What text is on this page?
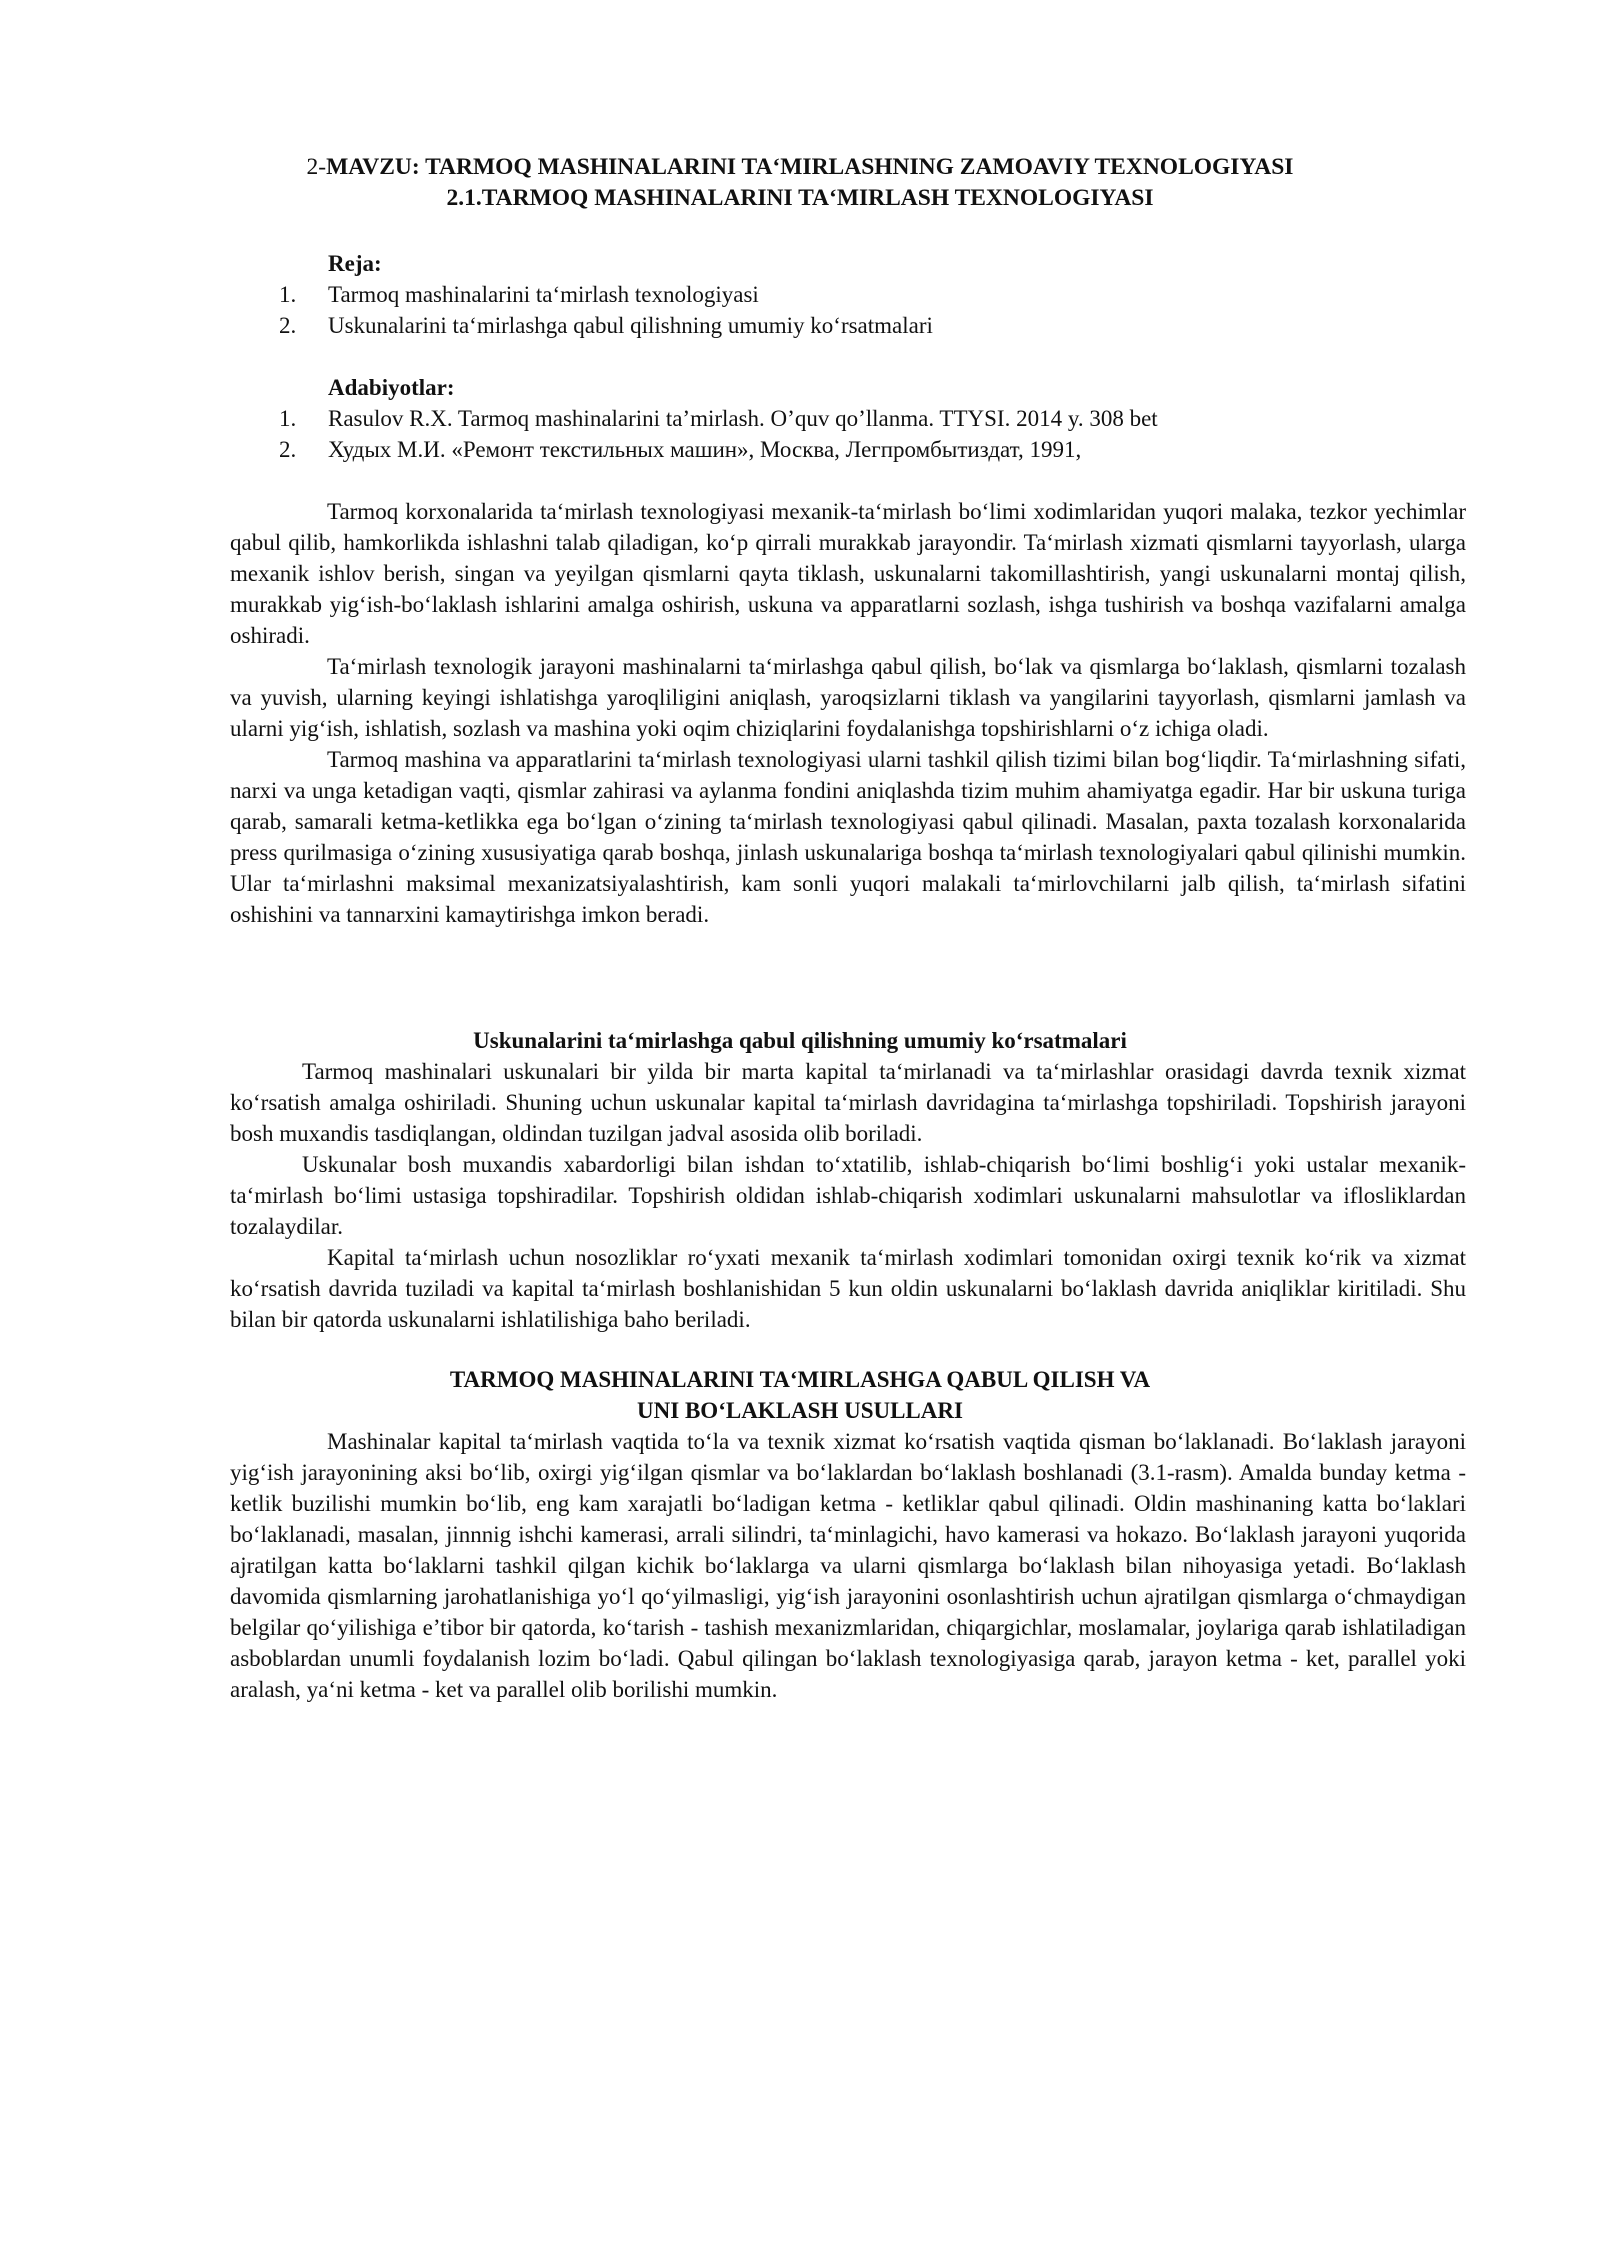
2-MAVZU: TARMOQ MASHINALARINI TA‘MIRLASHNING ZAMOAVIY TEXNOLOGIYASI
2.1.TARMOQ MASHINALARINI TA‘MIRLASH TEXNOLOGIYASI
Reja:
1. Tarmoq mashinalarini ta‘mirlash texnologiyasi
2. Uskunalarini ta‘mirlashga qabul qilishning umumiy ko‘rsatmalari
Adabiyotlar:
1. Rasulov R.X. Tarmoq mashinalarini ta’mirlash. O’quv qo’llanma. TTYSI. 2014 y. 308 bet
2. Худых М.И. «Ремонт текстильных машин», Москва, Легпромбытиздат, 1991,

Tarmoq korxonalarida ta‘mirlash texnologiyasi mexanik-ta‘mirlash bo‘limi xodimlaridan yuqori malaka, tezkor yechimlar qabul qilib, hamkorlikda ishlashni talab qiladigan, ko‘p qirrali murakkab jarayondir. Ta‘mirlash xizmati qismlarni tayyorlash, ularga mexanik ishlov berish, singan va yeyilgan qismlarni qayta tiklash, uskunalarni takomillashtirish, yangi uskunalarni montaj qilish, murakkab yig‘ish-bo‘laklash ishlarini amalga oshirish, uskuna va apparatlarni sozlash, ishga tushirish va boshqa vazifalarni amalga oshiradi.

Ta‘mirlash texnologik jarayoni mashinalarni ta‘mirlashga qabul qilish, bo‘lak va qismlarga bo‘laklash, qismlarni tozalash va yuvish, ularning keyingi ishlatishga yaroqliligini aniqlash, yaroqsizlarni tiklash va yangilarini tayyorlash, qismlarni jamlash va ularni yig‘ish, ishlatish, sozlash va mashina yoki oqim chiziqlarini foydalanishga topshirishlarni o‘z ichiga oladi.

Tarmoq mashina va apparatlarini ta‘mirlash texnologiyasi ularni tashkil qilish tizimi bilan bog‘liqdir. Ta‘mirlashning sifati, narxi va unga ketadigan vaqti, qismlar zahirasi va aylanma fondini aniqlashda tizim muhim ahamiyatga egadir. Har bir uskuna turiga qarab, samarali ketma-ketlikka ega bo‘lgan o‘zining ta‘mirlash texnologiyasi qabul qilinadi. Masalan, paxta tozalash korxonalarida press qurilmasiga o‘zining xususiyatiga qarab boshqa, jinlash uskunalariga boshqa ta‘mirlash texnologiyalari qabul qilinishi mumkin. Ular ta‘mirlashni maksimal mexanizatsiyalashtirish, kam sonli yuqori malakali ta‘mirlovchilarni jalb qilish, ta‘mirlash sifatini oshishini va tannarxini kamaytirishga imkon beradi.

Uskunalarini ta‘mirlashga qabul qilishning umumiy ko‘rsatmalari

Tarmoq mashinalari uskunalari bir yilda bir marta kapital ta‘mirlanadi va ta‘mirlashlar orasidagi davrda texnik xizmat ko‘rsatish amalga oshiriladi. Shuning uchun uskunalar kapital ta‘mirlash davridagina ta‘mirlashga topshiriladi. Topshirish jarayoni bosh muxandis tasdiqlangan, oldindan tuzilgan jadval asosida olib boriladi.

Uskunalar bosh muxandis xabardorligi bilan ishdan to‘xtatilib, ishlab-chiqarish bo‘limi boshlig‘i yoki ustalar mexanik-ta‘mirlash bo‘limi ustasiga topshiradilar. Topshirish oldidan ishlab-chiqarish xodimlari uskunalarni mahsulotlar va iflosliklardan tozalaydilar.

Kapital ta‘mirlash uchun nosozliklar ro‘yxati mexanik ta‘mirlash xodimlari tomonidan oxirgi texnik ko‘rik va xizmat ko‘rsatish davrida tuziladi va kapital ta‘mirlash boshlanishidan 5 kun oldin uskunalarni bo‘laklash davrida aniqliklar kiritiladi. Shu bilan bir qatorda uskunalarni ishlatilishiga baho beriladi.

TARMOQ MASHINALARINI TA‘MIRLASHGA QABUL QILISH VA
UNI BO‘LAKLASH USULLARI

Mashinalar kapital ta‘mirlash vaqtida to‘la va texnik xizmat ko‘rsatish vaqtida qisman bo‘laklanadi. Bo‘laklash jarayoni yig‘ish jarayonining aksi bo‘lib, oxirgi yig‘ilgan qismlar va bo‘laklardan bo‘laklash boshlanadi (3.1-rasm). Amalda bunday ketma - ketlik buzilishi mumkin bo‘lib, eng kam xarajatli bo‘ladigan ketma - ketliklar qabul qilinadi. Oldin mashinaning katta bo‘laklari bo‘laklanadi, masalan, jinnnig ishchi kamerasi, arrali silindri, ta‘minlagichi, havo kamerasi va hokazo. Bo‘laklash jarayoni yuqorida ajratilgan katta bo‘laklarni tashkil qilgan kichik bo‘laklarga va ularni qismlarga bo‘laklash bilan nihoyasiga yetadi. Bo‘laklash davomida qismlarning jarohatlanishiga yo‘l qo‘yilmasligi, yig‘ish jarayonini osonlashtirish uchun ajratilgan qismlarga o‘chmaydigan belgilar qo‘yilishiga e’tibor bir qatorda, ko‘tarish - tashish mexanizmlaridan, chiqargichlar, moslamalar, joylariga qarab ishlatiladigan asboblardan unumli foydalanish lozim bo‘ladi. Qabul qilingan bo‘laklash texnologiyasiga qarab, jarayon ketma - ket, parallel yoki aralash, ya‘ni ketma - ket va parallel olib borilishi mumkin.
